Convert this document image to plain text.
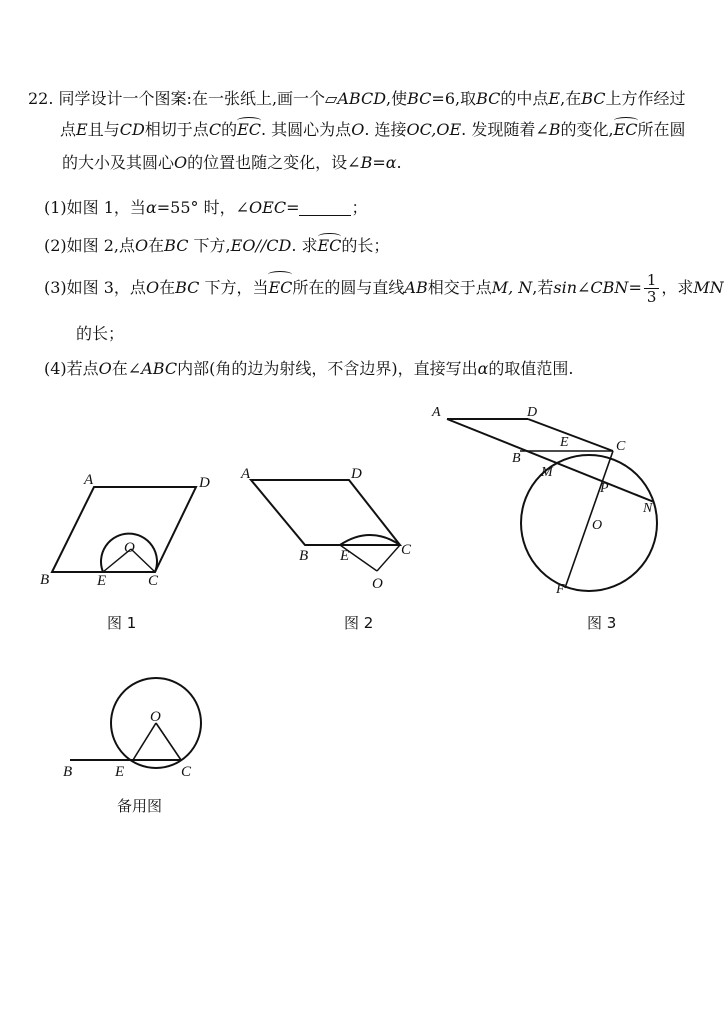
22. 同学设计一个图案:在一张纸上,画一个▱ABCD,使BC=6,取BC的中点E,在BC上方作经过
点E且与CD相切于点C的EC. 其圆心为点O. 连接OC,OE. 发现随着∠B的变化,EC所在圆
的大小及其圆心O的位置也随之变化，设∠B=α.
(1)如图 1，当α=55° 时，∠OEC=	；
(2)如图 2,点O在BC 下方,EO//CD. 求EC的长；
(3)如图 3，点O在BC 下方，当EC所在的圆与直线AB相交于点M, N,若sin∠CBN= $\frac{1}{3}$ ，求MN
的长；
(4)若点O在∠ABC内部(角的边为射线，不含边界)，直接写出α的取值范围.
A	D
B	E	C
O
图 1
A	D
B E	C
O
图 2
A	D
E	C
B
M
P
N
O
F
图 3
O
B	E	C
备用图
